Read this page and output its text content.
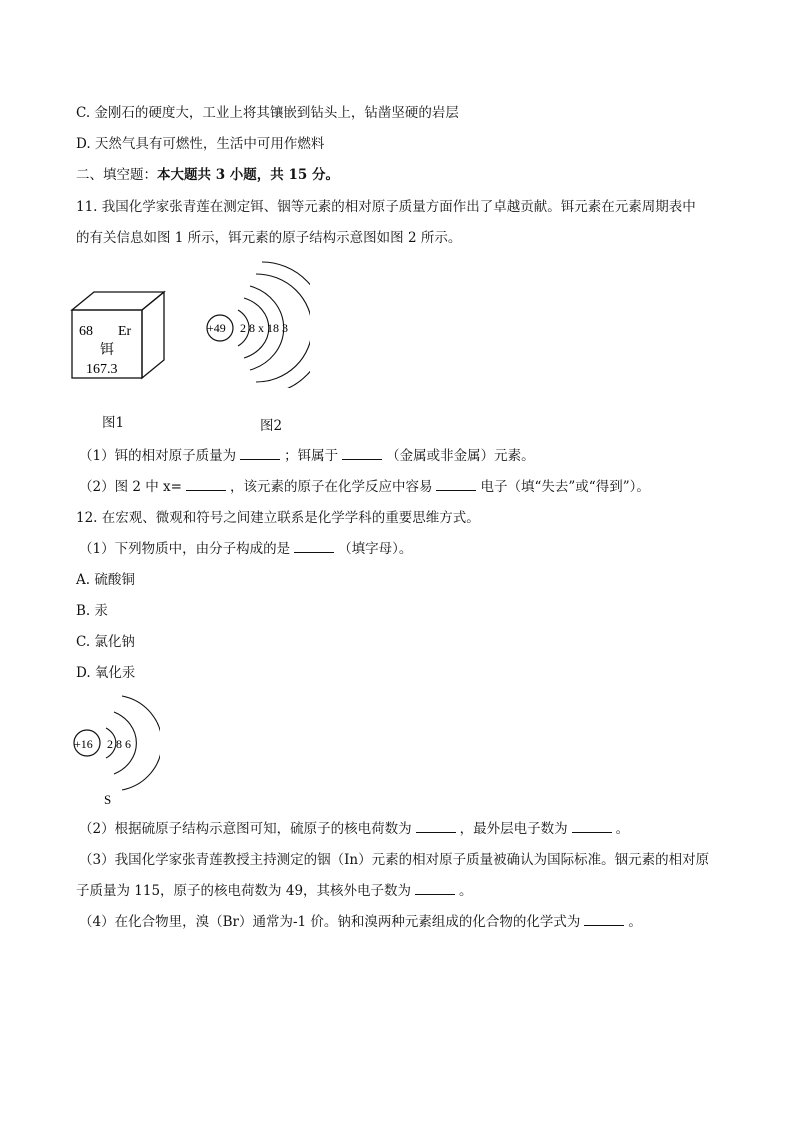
C. 金刚石的硬度大，工业上将其镶嵌到钻头上，钻凿坚硬的岩层
D. 天然气具有可燃性，生活中可用作燃料
二、填空题：本大题共 3 小题，共 15 分。
11. 我国化学家张青莲在测定铒、铟等元素的相对原子质量方面作出了卓越贡献。铒元素在元素周期表中
的有关信息如图 1 所示，铒元素的原子结构示意图如图 2 所示。
68 Er
铒
167.3
+49 2 8 x 18 3
图1	图2
（1）铒的相对原子质量为	；铒属于	（金属或非金属）元素。
（2）图 2 中 x=	，该元素的原子在化学反应中容易	电子（填“失去”或“得到”）。
12. 在宏观、微观和符号之间建立联系是化学学科的重要思维方式。
（1）下列物质中，由分子构成的是	（填字母）。
A. 硫酸铜
B. 汞
C. 氯化钠
D. 氧化汞
+16 2 8 6
S
（2）根据硫原子结构示意图可知，硫原子的核电荷数为	，最外层电子数为	。
（3）我国化学家张青莲教授主持测定的铟（In）元素的相对原子质量被确认为国际标准。铟元素的相对原
子质量为 115，原子的核电荷数为 49，其核外电子数为	。
（4）在化合物里，溴（Br）通常为-1 价。钠和溴两种元素组成的化合物的化学式为	。
